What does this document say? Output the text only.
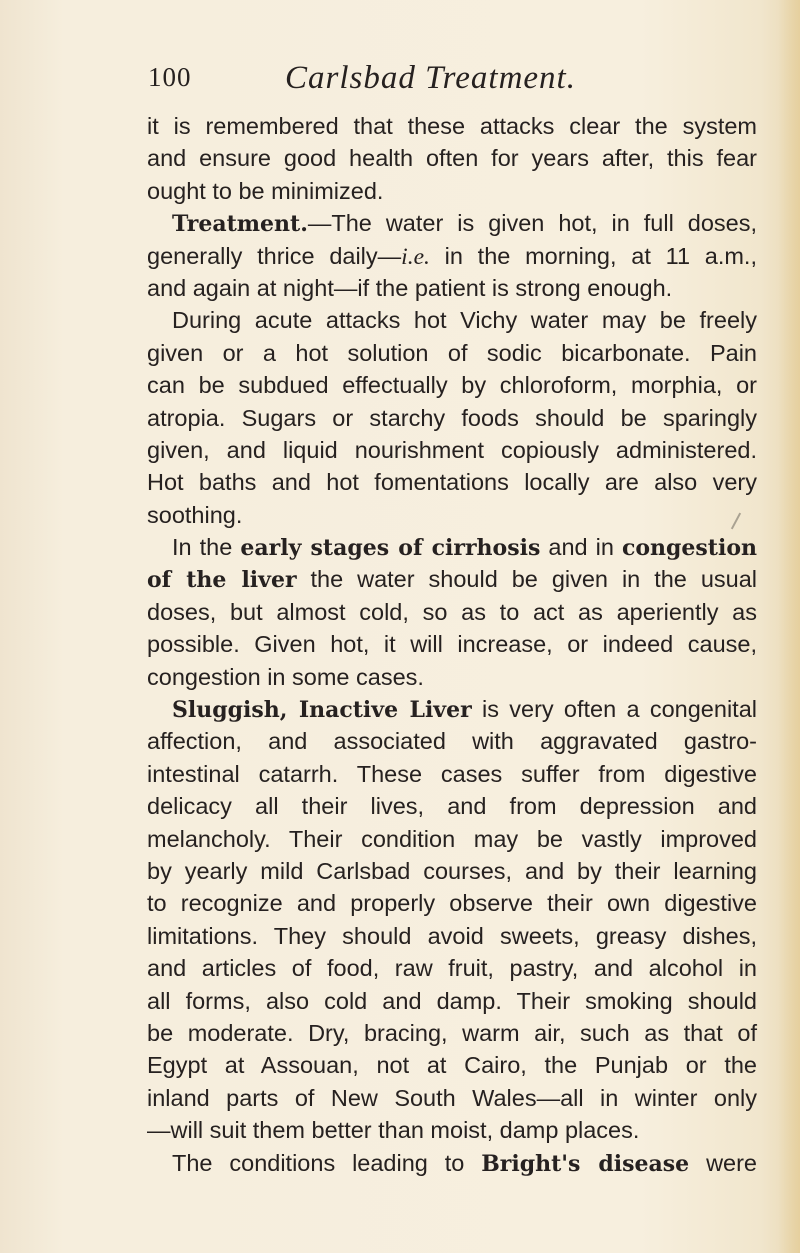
100	Carlsbad Treatment.
it is remembered that these attacks clear the system
and ensure good health often for years after, this fear
ought to be minimized.
Treatment.—The water is given hot, in full doses,
generally thrice daily—i.e. in the morning, at 11 a.m.,
and again at night—if the patient is strong enough.
During acute attacks hot Vichy water may be freely
given or a hot solution of sodic bicarbonate. Pain
can be subdued effectually by chloroform, morphia, or
atropia. Sugars or starchy foods should be sparingly
given, and liquid nourishment copiously administered.
Hot baths and hot fomentations locally are also very
soothing.
In the early stages of cirrhosis and in congestion
of the liver the water should be given in the usual
doses, but almost cold, so as to act as aperiently as
possible. Given hot, it will increase, or indeed cause,
congestion in some cases.
Sluggish, Inactive Liver is very often a congenital
affection, and associated with aggravated gastro-
intestinal catarrh. These cases suffer from digestive
delicacy all their lives, and from depression and
melancholy. Their condition may be vastly improved
by yearly mild Carlsbad courses, and by their learning
to recognize and properly observe their own digestive
limitations. They should avoid sweets, greasy dishes,
and articles of food, raw fruit, pastry, and alcohol in
all forms, also cold and damp. Their smoking should
be moderate. Dry, bracing, warm air, such as that of
Egypt at Assouan, not at Cairo, the Punjab or the
inland parts of New South Wales—all in winter only
—will suit them better than moist, damp places.
The conditions leading to Bright's disease were
